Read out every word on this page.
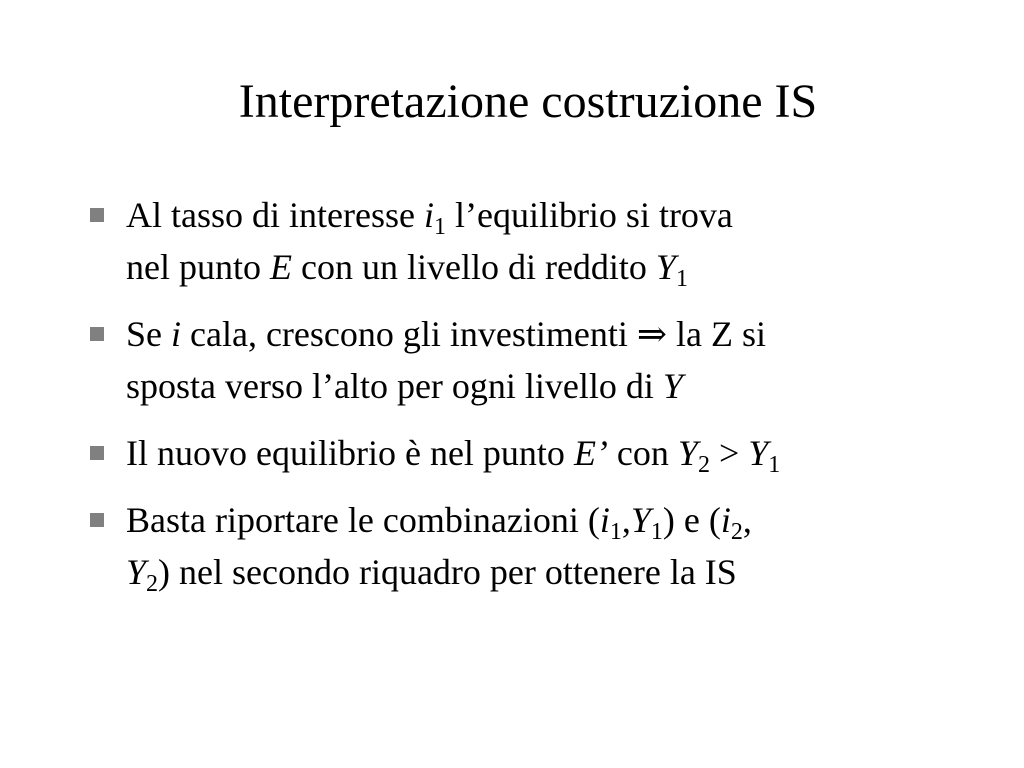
Interpretazione costruzione IS
Al tasso di interesse $i_1$ l’equilibrio si trova
nel punto E con un livello di reddito $Y_1$
Se i cala, crescono gli investimenti ⇒ la Z si
sposta verso l’alto per ogni livello di Y
Il nuovo equilibrio è nel punto E’ con $Y_2 > Y_1$
Basta riportare le combinazioni $(i_1,Y_1)$ e ($i_2$,
$Y_2$) nel secondo riquadro per ottenere la IS
